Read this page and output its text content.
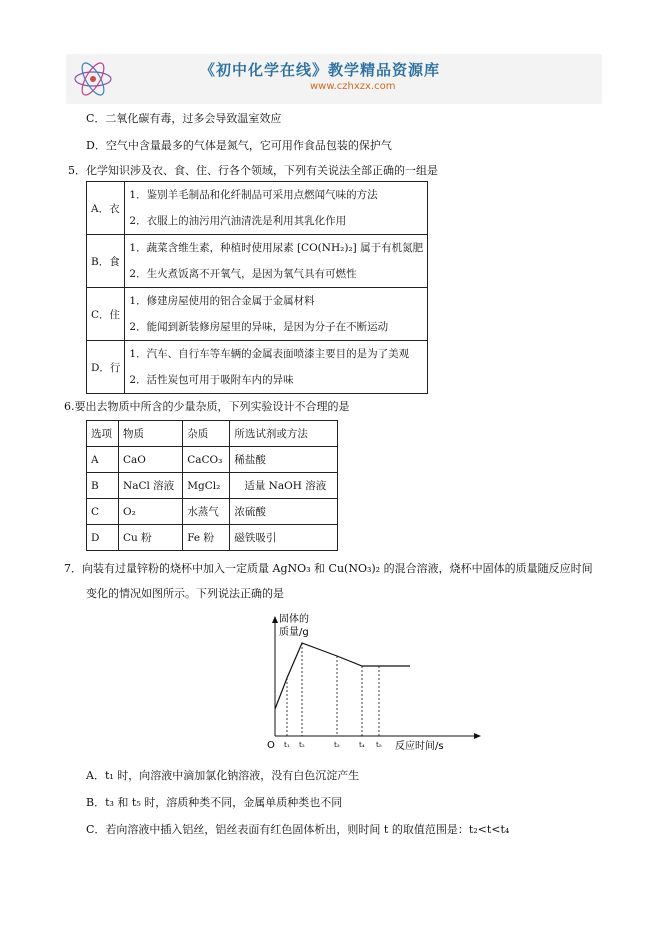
《初中化学在线》教学精品资源库
www.czhxzx.com
C．二氧化碳有毒，过多会导致温室效应
D．空气中含量最多的气体是氮气，它可用作食品包装的保护气
5．化学知识涉及衣、食、住、行各个领域，下列有关说法全部正确的一组是
A．衣	1．鉴别羊毛制品和化纤制品可采用点燃闻气味的方法
2．衣服上的油污用汽油清洗是利用其乳化作用

B．食	1．蔬菜含维生素，种植时使用尿素 [CO(NH₂)₂] 属于有机氮肥
2．生火煮饭离不开氧气，是因为氧气具有可燃性

C．住	1．修建房屋使用的铝合金属于金属材料
2．能闻到新装修房屋里的异味，是因为分子在不断运动

D．行	1．汽车、自行车等车辆的金属表面喷漆主要目的是为了美观
2．活性炭包可用于吸附车内的异味
6.要出去物质中所含的少量杂质，下列实验设计不合理的是
选项	物质	杂质	所选试剂或方法
A	CaO	CaCO₃	稀盐酸
B	NaCl 溶液	MgCl₂	适量 NaOH 溶液
C	O₂	水蒸气	浓硫酸
D	Cu 粉	Fe 粉	磁铁吸引
7．向装有过量锌粉的烧杯中加入一定质量 AgNO₃ 和 Cu(NO₃)₂ 的混合溶液，烧杯中固体的质量随反应时间
变化的情况如图所示。下列说法正确的是
固体的
质量/g
O t₁ t₂	t₃	t₄ t₅ 反应时间/s
A．t₁ 时，向溶液中滴加氯化钠溶液，没有白色沉淀产生
B．t₃ 和 t₅ 时，溶质种类不同，金属单质种类也不同
C．若向溶液中插入铝丝，铝丝表面有红色固体析出，则时间 t 的取值范围是：t₂<t<t₄
